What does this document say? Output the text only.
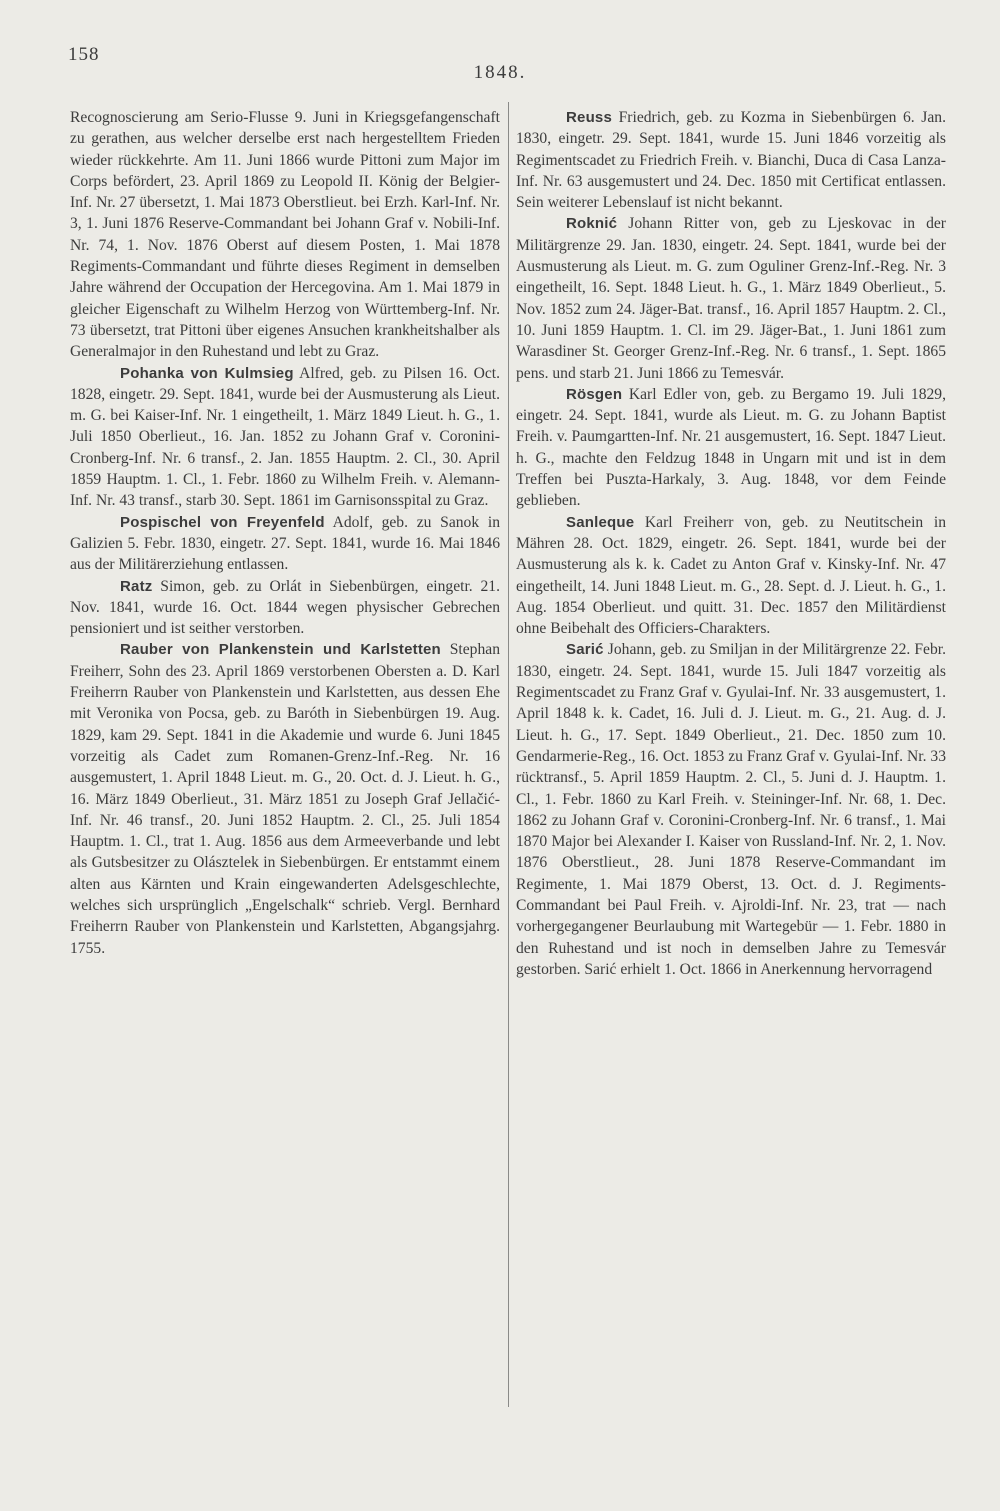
158
1848.

Recognoscierung am Serio-Flusse 9. Juni in Kriegsgefangenschaft zu gerathen, aus welcher derselbe erst nach hergestelltem Frieden wieder rückkehrte. Am 11. Juni 1866 wurde Pittoni zum Major im Corps befördert, 23. April 1869 zu Leopold II. König der Belgier-Inf. Nr. 27 übersetzt, 1. Mai 1873 Oberstlieut. bei Erzh. Karl-Inf. Nr. 3, 1. Juni 1876 Reserve-Commandant bei Johann Graf v. Nobili-Inf. Nr. 74, 1. Nov. 1876 Oberst auf diesem Posten, 1. Mai 1878 Regiments-Commandant und führte dieses Regiment in demselben Jahre während der Occupation der Hercegovina. Am 1. Mai 1879 in gleicher Eigenschaft zu Wilhelm Herzog von Württemberg-Inf. Nr. 73 übersetzt, trat Pittoni über eigenes Ansuchen krankheitshalber als Generalmajor in den Ruhestand und lebt zu Graz.

Pohanka von Kulmsieg Alfred, geb. zu Pilsen 16. Oct. 1828, eingetr. 29. Sept. 1841, wurde bei der Ausmusterung als Lieut. m. G. bei Kaiser-Inf. Nr. 1 eingetheilt, 1. März 1849 Lieut. h. G., 1. Juli 1850 Oberlieut., 16. Jan. 1852 zu Johann Graf v. Coronini-Cronberg-Inf. Nr. 6 transf., 2. Jan. 1855 Hauptm. 2. Cl., 30. April 1859 Hauptm. 1. Cl., 1. Febr. 1860 zu Wilhelm Freih. v. Alemann-Inf. Nr. 43 transf., starb 30. Sept. 1861 im Garnisonsspital zu Graz.

Pospischel von Freyenfeld Adolf, geb. zu Sanok in Galizien 5. Febr. 1830, eingetr. 27. Sept. 1841, wurde 16. Mai 1846 aus der Militärerziehung entlassen.

Ratz Simon, geb. zu Orlát in Siebenbürgen, eingetr. 21. Nov. 1841, wurde 16. Oct. 1844 wegen physischer Gebrechen pensioniert und ist seither verstorben.

Rauber von Plankenstein und Karlstetten Stephan Freiherr, Sohn des 23. April 1869 verstorbenen Obersten a. D. Karl Freiherrn Rauber von Plankenstein und Karlstetten, aus dessen Ehe mit Veronika von Pocsa, geb. zu Baróth in Siebenbürgen 19. Aug. 1829, kam 29. Sept. 1841 in die Akademie und wurde 6. Juni 1845 vorzeitig als Cadet zum Romanen-Grenz-Inf.-Reg. Nr. 16 ausgemustert, 1. April 1848 Lieut. m. G., 20. Oct. d. J. Lieut. h. G., 16. März 1849 Oberlieut., 31. März 1851 zu Joseph Graf Jellačić-Inf. Nr. 46 transf., 20. Juni 1852 Hauptm. 2. Cl., 25. Juli 1854 Hauptm. 1. Cl., trat 1. Aug. 1856 aus dem Armeeverbande und lebt als Gutsbesitzer zu Olásztelek in Siebenbürgen. Er entstammt einem alten aus Kärnten und Krain eingewanderten Adelsgeschlechte, welches sich ursprünglich „Engelschalk“ schrieb. Vergl. Bernhard Freiherrn Rauber von Plankenstein und Karlstetten, Abgangsjahrg. 1755.

Reuss Friedrich, geb. zu Kozma in Siebenbürgen 6. Jan. 1830, eingetr. 29. Sept. 1841, wurde 15. Juni 1846 vorzeitig als Regimentscadet zu Friedrich Freih. v. Bianchi, Duca di Casa Lanza-Inf. Nr. 63 ausgemustert und 24. Dec. 1850 mit Certificat entlassen. Sein weiterer Lebenslauf ist nicht bekannt.

Roknić Johann Ritter von, geb zu Ljeskovac in der Militärgrenze 29. Jan. 1830, eingetr. 24. Sept. 1841, wurde bei der Ausmusterung als Lieut. m. G. zum Oguliner Grenz-Inf.-Reg. Nr. 3 eingetheilt, 16. Sept. 1848 Lieut. h. G., 1. März 1849 Oberlieut., 5. Nov. 1852 zum 24. Jäger-Bat. transf., 16. April 1857 Hauptm. 2. Cl., 10. Juni 1859 Hauptm. 1. Cl. im 29. Jäger-Bat., 1. Juni 1861 zum Warasdiner St. Georger Grenz-Inf.-Reg. Nr. 6 transf., 1. Sept. 1865 pens. und starb 21. Juni 1866 zu Temesvár.

Rösgen Karl Edler von, geb. zu Bergamo 19. Juli 1829, eingetr. 24. Sept. 1841, wurde als Lieut. m. G. zu Johann Baptist Freih. v. Paumgartten-Inf. Nr. 21 ausgemustert, 16. Sept. 1847 Lieut. h. G., machte den Feldzug 1848 in Ungarn mit und ist in dem Treffen bei Puszta-Harkaly, 3. Aug. 1848, vor dem Feinde geblieben.

Sanleque Karl Freiherr von, geb. zu Neutitschein in Mähren 28. Oct. 1829, eingetr. 26. Sept. 1841, wurde bei der Ausmusterung als k. k. Cadet zu Anton Graf v. Kinsky-Inf. Nr. 47 eingetheilt, 14. Juni 1848 Lieut. m. G., 28. Sept. d. J. Lieut. h. G., 1. Aug. 1854 Oberlieut. und quitt. 31. Dec. 1857 den Militärdienst ohne Beibehalt des Officiers-Charakters.

Sarić Johann, geb. zu Smiljan in der Militärgrenze 22. Febr. 1830, eingetr. 24. Sept. 1841, wurde 15. Juli 1847 vorzeitig als Regimentscadet zu Franz Graf v. Gyulai-Inf. Nr. 33 ausgemustert, 1. April 1848 k. k. Cadet, 16. Juli d. J. Lieut. m. G., 21. Aug. d. J. Lieut. h. G., 17. Sept. 1849 Oberlieut., 21. Dec. 1850 zum 10. Gendarmerie-Reg., 16. Oct. 1853 zu Franz Graf v. Gyulai-Inf. Nr. 33 rücktransf., 5. April 1859 Hauptm. 2. Cl., 5. Juni d. J. Hauptm. 1. Cl., 1. Febr. 1860 zu Karl Freih. v. Steininger-Inf. Nr. 68, 1. Dec. 1862 zu Johann Graf v. Coronini-Cronberg-Inf. Nr. 6 transf., 1. Mai 1870 Major bei Alexander I. Kaiser von Russland-Inf. Nr. 2, 1. Nov. 1876 Oberstlieut., 28. Juni 1878 Reserve-Commandant im Regimente, 1. Mai 1879 Oberst, 13. Oct. d. J. Regiments-Commandant bei Paul Freih. v. Ajroldi-Inf. Nr. 23, trat — nach vorhergegangener Beurlaubung mit Wartegebür — 1. Febr. 1880 in den Ruhestand und ist noch in demselben Jahre zu Temesvár gestorben. Sarić erhielt 1. Oct. 1866 in Anerkennung hervorragend
